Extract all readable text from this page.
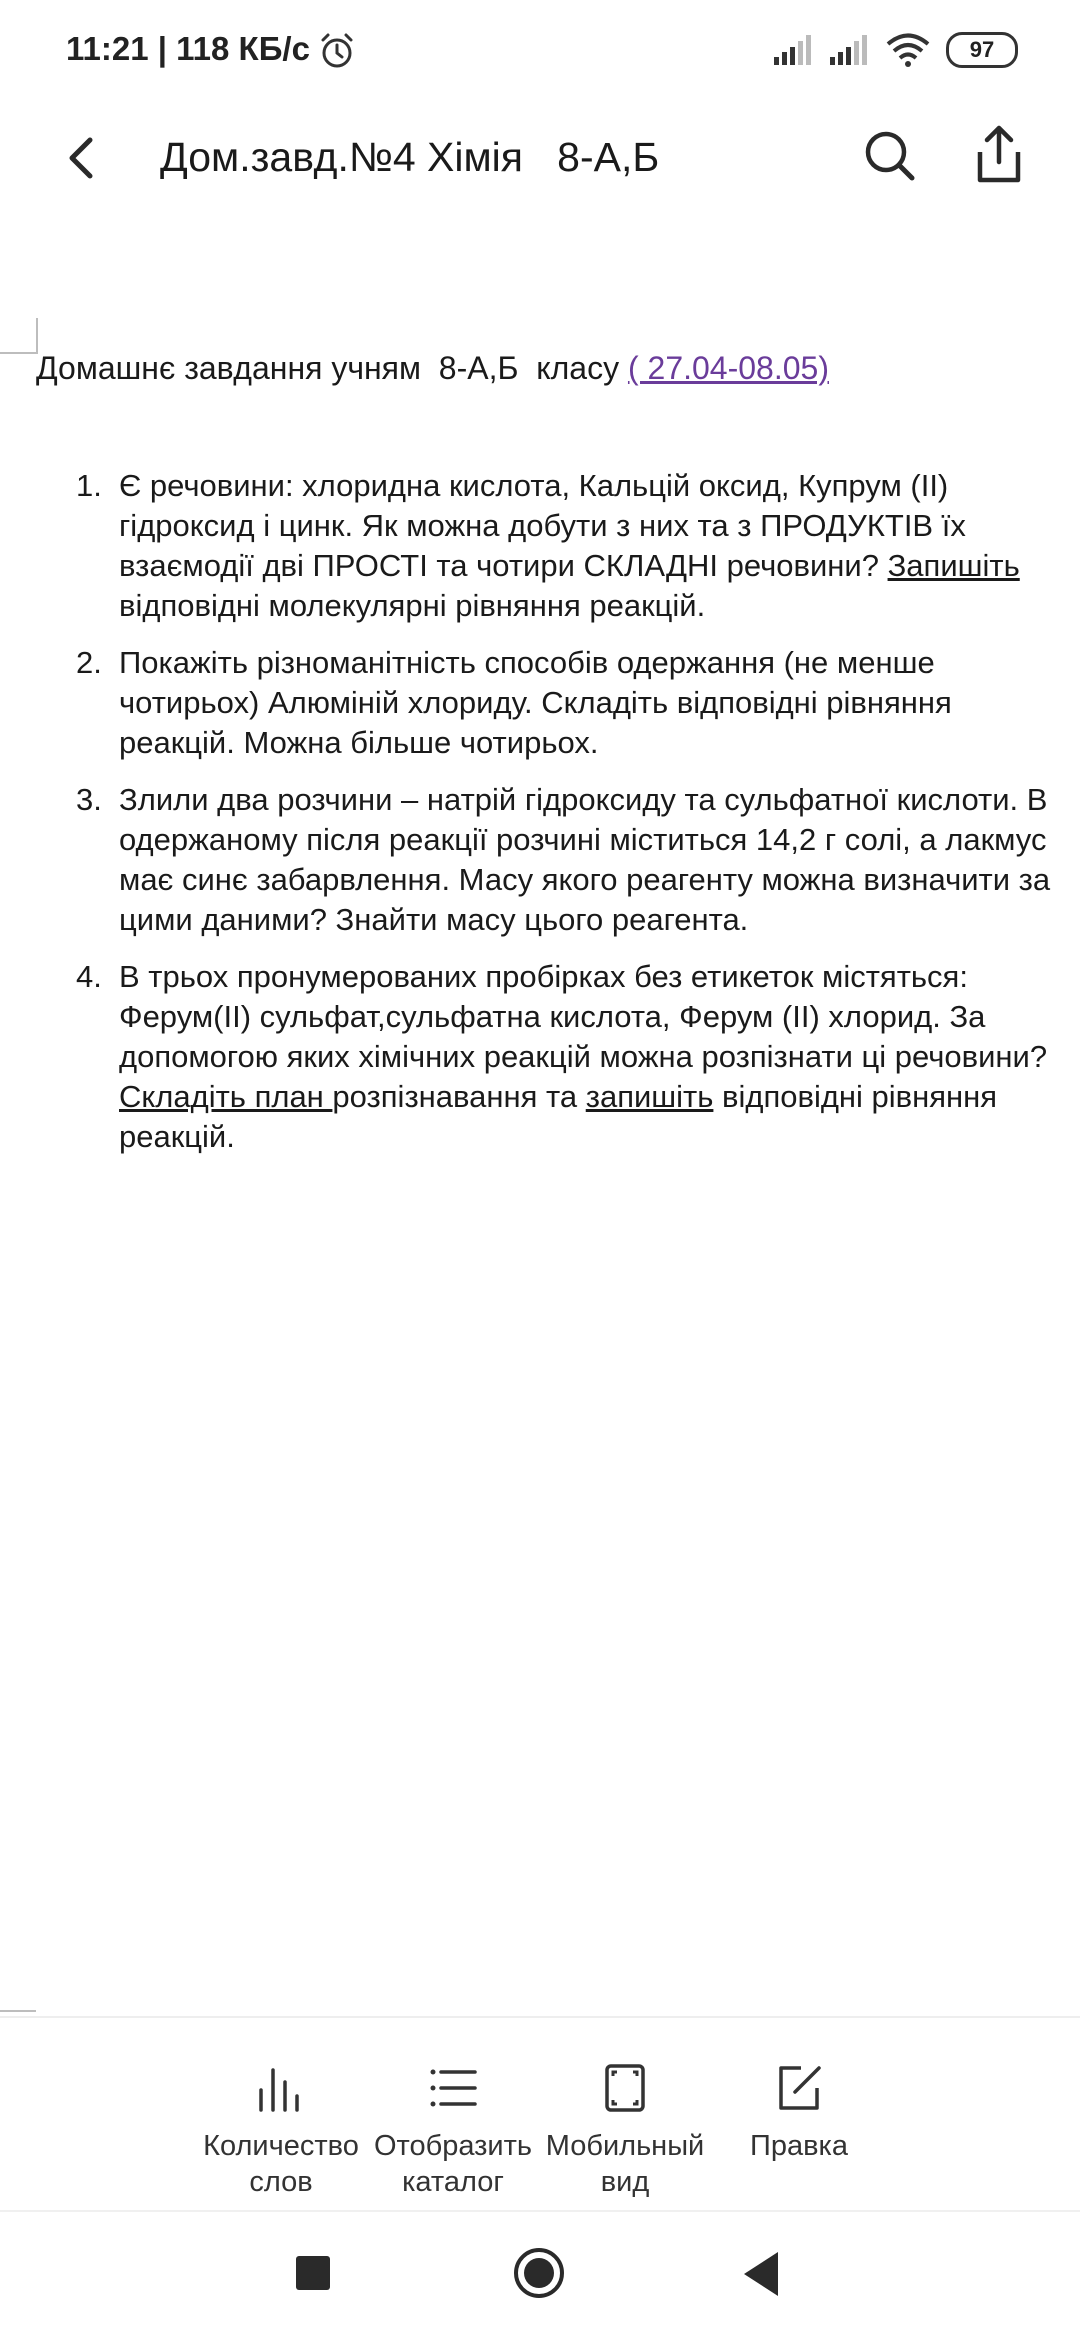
11:21 | 118 КБ/с	97
Дом.завд.№4 Хімія   8-А,Б
Домашнє завдання учням  8-А,Б  класу ( 27.04-08.05)
1. Є речовини: хлоридна кислота, Кальцій оксид, Купрум (ІІ)
гідроксид і цинк. Як можна добути з них та з ПРОДУКТІВ їх
взаємодії дві ПРОСТІ та чотири СКЛАДНІ речовини? Запишіть
відповідні молекулярні рівняння реакцій.
2. Покажіть різноманітність способів одержання (не менше
чотирьох) Алюміній хлориду. Складіть відповідні рівняння
реакцій. Можна більше чотирьох.
3. Злили два розчини – натрій гідроксиду та сульфатної кислоти. В
одержаному після реакції розчині міститься 14,2 г солі, а лакмус
має синє забарвлення. Масу якого реагенту можна визначити за
цими даними? Знайти масу цього реагента.
4. В трьох пронумерованих пробірках без етикеток містяться:
Ферум(ІІ) сульфат,сульфатна кислота, Ферум (ІІ) хлорид. За
допомогою яких хімічних реакцій можна розпізнати ці речовини?
Складіть план розпізнавання та запишіть відповідні рівняння
реакцій.
Количество
слов
Отобразить
каталог
Мобильный
вид
Правка
